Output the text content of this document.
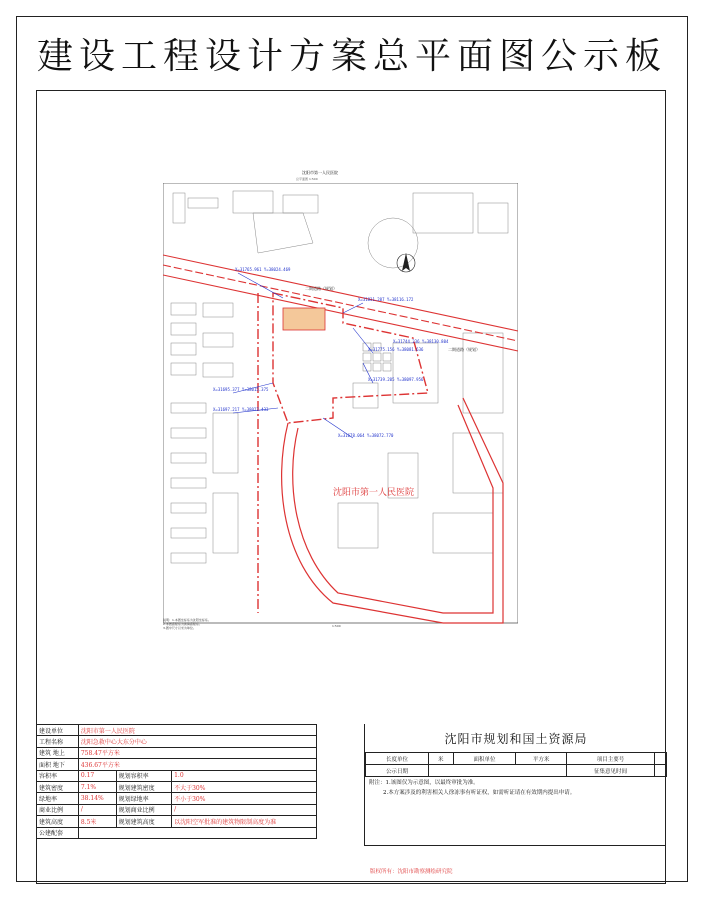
建设工程设计方案总平面图公示板
沈阳市第一人民医院
总平面图 1:500
二期道路（规划）
二期道路（规划）
X=31765.961 Y=38024.469
X=31831.287 Y=38116.172
X=31775.156 Y=38081.636
X=31739.205 Y=38097.956
X=31744.236 Y=38130.804
X=31695.377 Y=38015.375
X=31697.217 Y=38027.433
X=31678.064 Y=38072.770
沈阳市第一人民医院
说明：1.本图坐标系为沈阳坐标系。
2.本图高程系为黄海高程系。
3.图中尺寸以米为单位。	1:500
建设单位	沈阳市第一人民医院		
工程名称	沈阳急救中心大东分中心		
建筑 地上	758.47平方米		
面积 地下	436.67平方米		
容积率	0.17	规划容积率	1.0
建筑密度	7.1%	规划建筑密度	不大于30%
绿地率	38.14%	规划绿地率	不小于30%
商业比例	/	规划商业比例	/
建筑高度	8.5米	规划建筑高度	以沈阳空军批准的建筑物限制高度为准
公建配套			
沈阳市规划和国土资源局
长度单位	米	面积单位	平方米	项目主要号	
公示日期				征集意见时间	
附注：1.该图仅为示意图，以最终审批为准。
2.本方案涉及的利害相关人徐冻事有听证权，如需听证请在有效期内提出申请。
版权所有：沈阳市勘察测绘研究院
